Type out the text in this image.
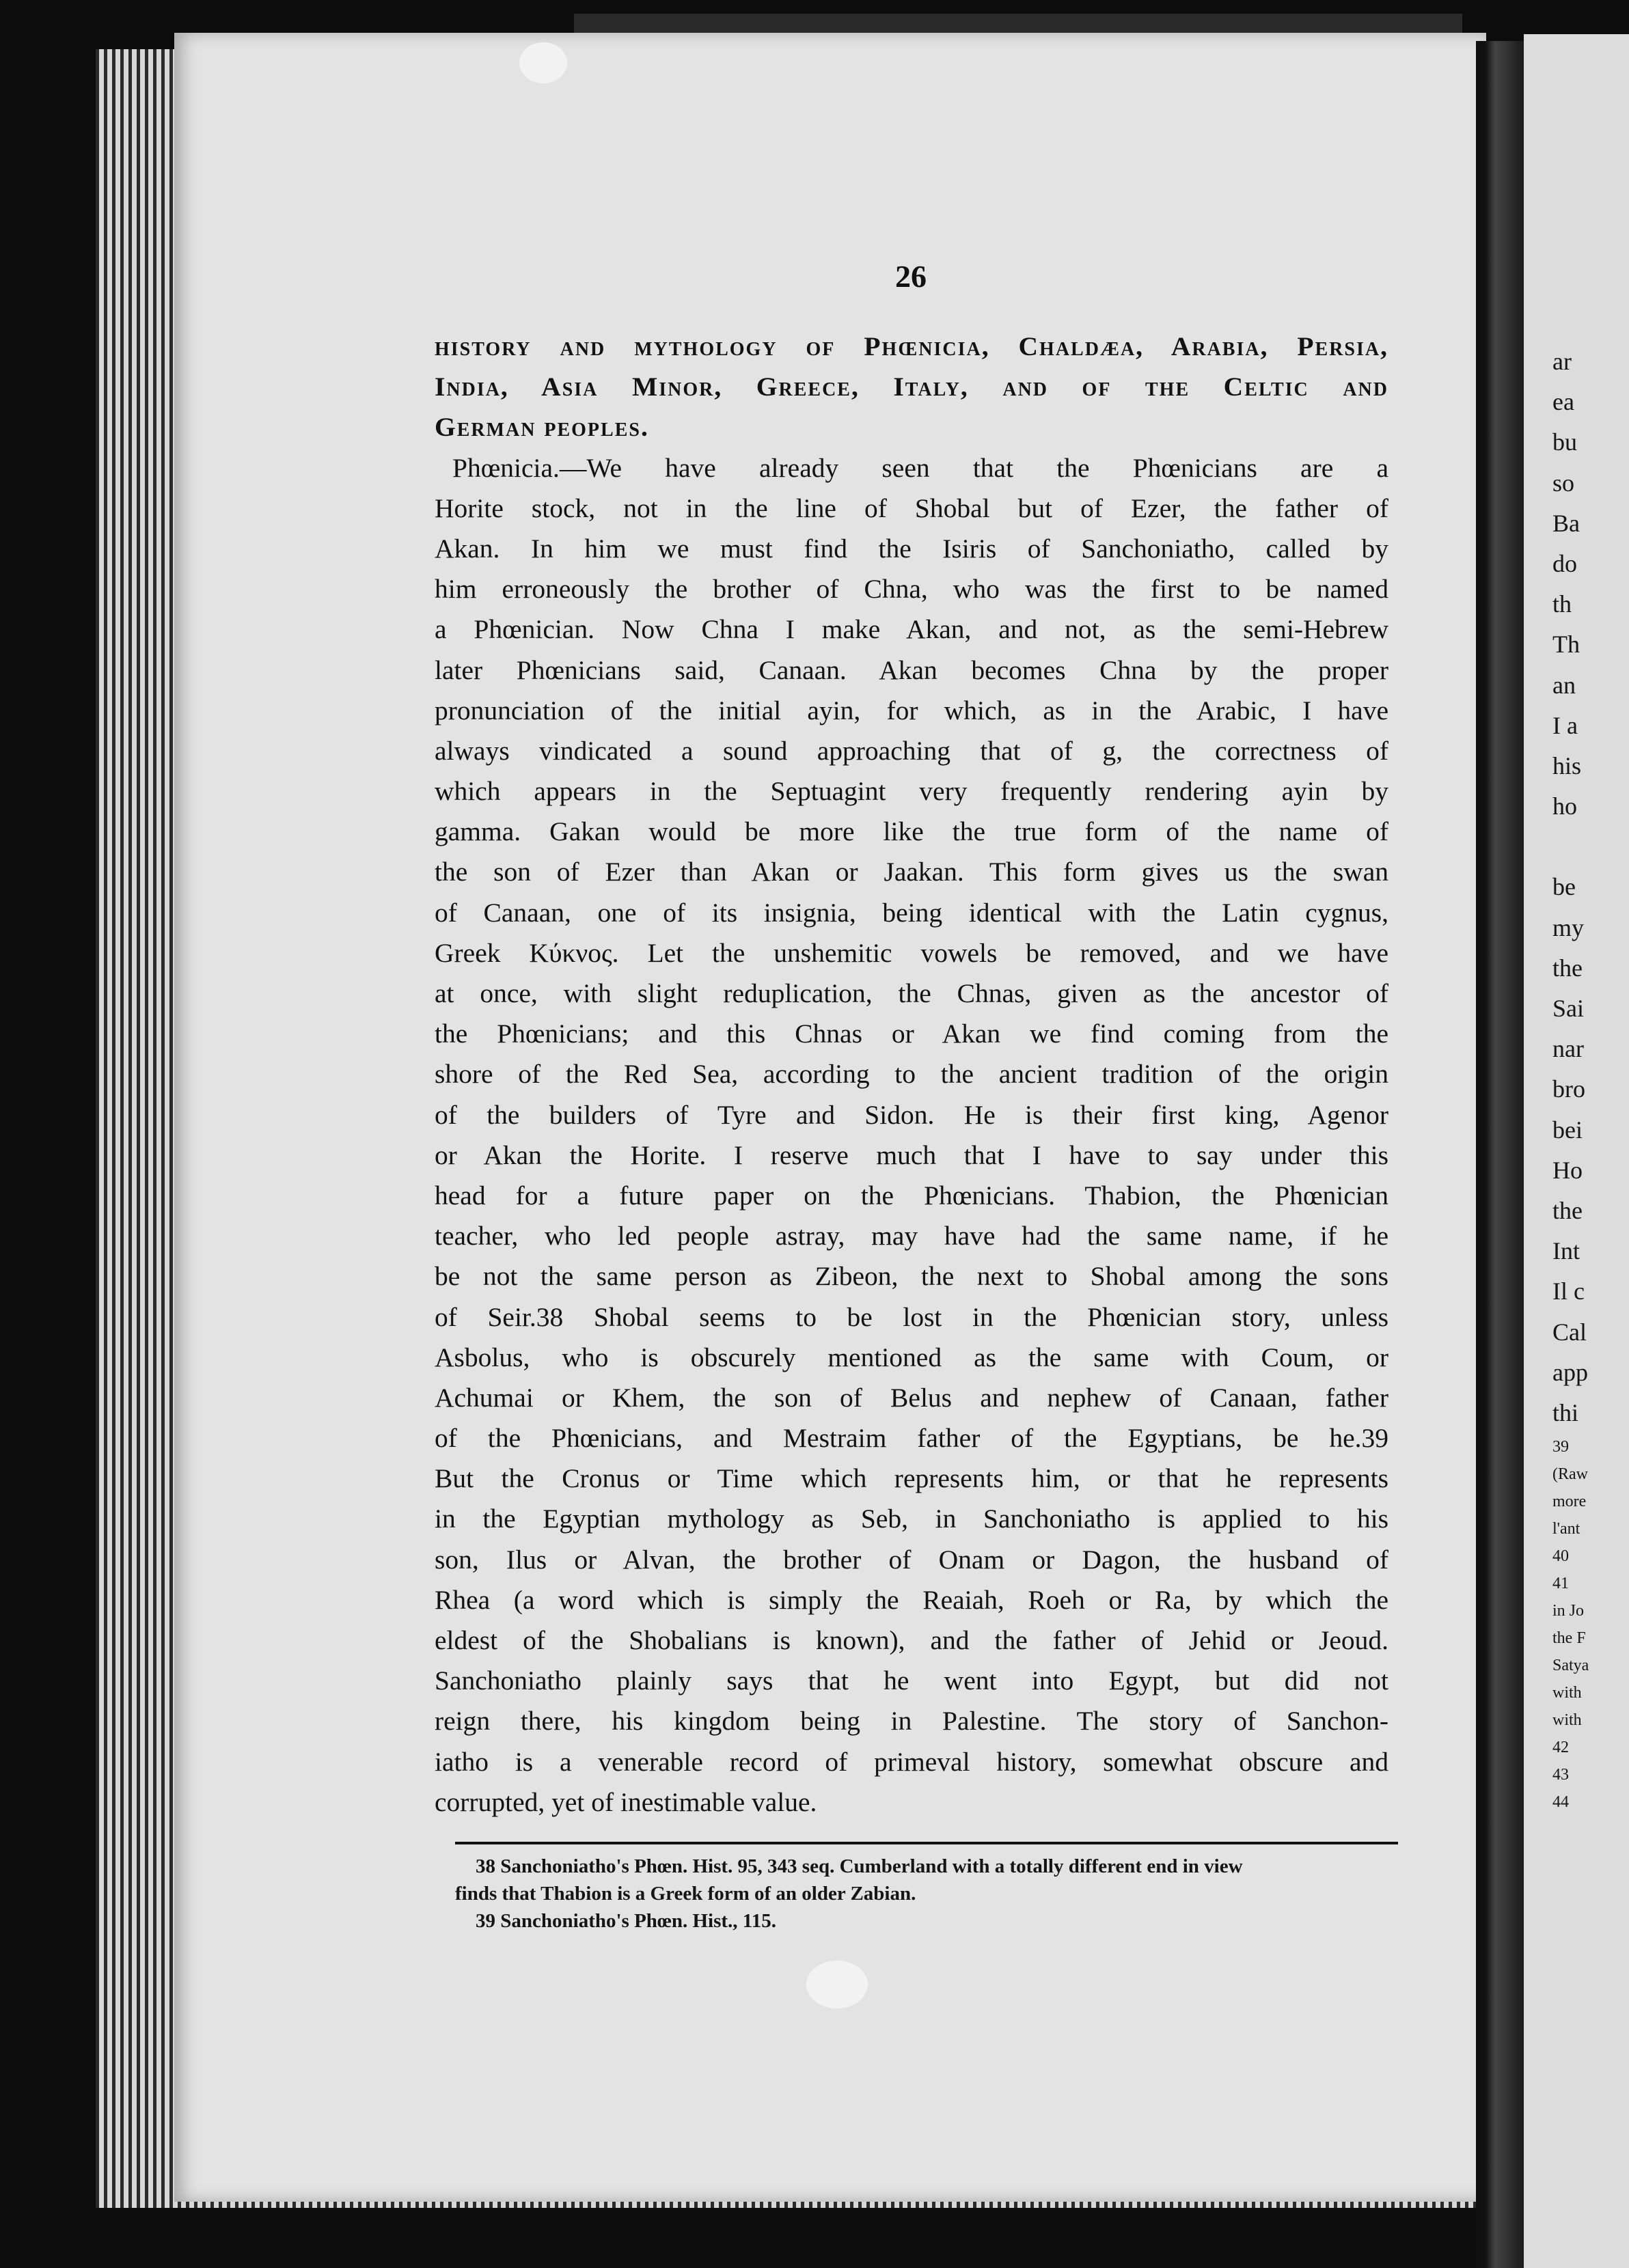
26
history and mythology of Phœnicia, Chaldæa, Arabia, Persia,
India, Asia Minor, Greece, Italy, and of the Celtic and
German peoples.
Phœnicia.—We have already seen that the Phœnicians are a
Horite stock, not in the line of Shobal but of Ezer, the father of
Akan. In him we must find the Isiris of Sanchoniatho, called by
him erroneously the brother of Chna, who was the first to be named
a Phœnician. Now Chna I make Akan, and not, as the semi-Hebrew
later Phœnicians said, Canaan. Akan becomes Chna by the proper
pronunciation of the initial ayin, for which, as in the Arabic, I have
always vindicated a sound approaching that of g, the correctness of
which appears in the Septuagint very frequently rendering ayin by
gamma. Gakan would be more like the true form of the name of
the son of Ezer than Akan or Jaakan. This form gives us the swan
of Canaan, one of its insignia, being identical with the Latin cygnus,
Greek Κύκνος. Let the unshemitic vowels be removed, and we have
at once, with slight reduplication, the Chnas, given as the ancestor of
the Phœnicians; and this Chnas or Akan we find coming from the
shore of the Red Sea, according to the ancient tradition of the origin
of the builders of Tyre and Sidon. He is their first king, Agenor
or Akan the Horite. I reserve much that I have to say under this
head for a future paper on the Phœnicians. Thabion, the Phœnician
teacher, who led people astray, may have had the same name, if he
be not the same person as Zibeon, the next to Shobal among the sons
of Seir.38 Shobal seems to be lost in the Phœnician story, unless
Asbolus, who is obscurely mentioned as the same with Coum, or
Achumai or Khem, the son of Belus and nephew of Canaan, father
of the Phœnicians, and Mestraim father of the Egyptians, be he.39
But the Cronus or Time which represents him, or that he represents
in the Egyptian mythology as Seb, in Sanchoniatho is applied to his
son, Ilus or Alvan, the brother of Onam or Dagon, the husband of
Rhea (a word which is simply the Reaiah, Roeh or Ra, by which the
eldest of the Shobalians is known), and the father of Jehid or Jeoud.
Sanchoniatho plainly says that he went into Egypt, but did not
reign there, his kingdom being in Palestine. The story of Sanchon-
iatho is a venerable record of primeval history, somewhat obscure and
corrupted, yet of inestimable value.
38 Sanchoniatho's Phœn. Hist. 95, 343 seq. Cumberland with a totally different end in view
finds that Thabion is a Greek form of an older Zabian.
39 Sanchoniatho's Phœn. Hist., 115.
ar
ea
bu
so
Ba
do
th
Th
an
I a
his
ho
be
my
the
Sai
nar
bro
bei
Ho
the
Int
Il c
Cal
app
thi
39
(Raw
more
l'ant
40
41
in Jo
the F
Satya
with
with
42
43
44
